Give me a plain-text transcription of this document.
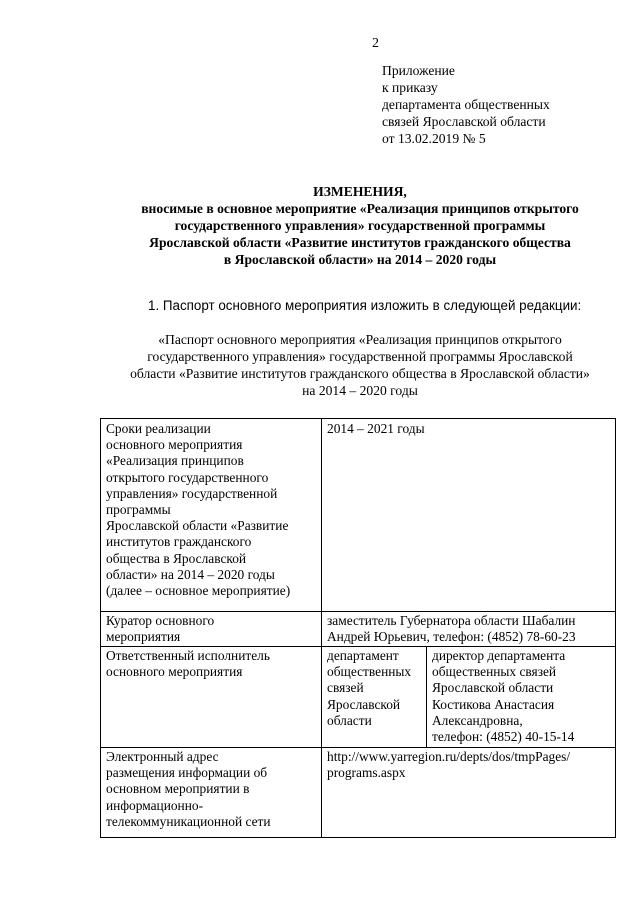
2
Приложение
к приказу
департамента общественных
связей Ярославской области
от 13.02.2019 № 5
ИЗМЕНЕНИЯ,
вносимые в основное мероприятие «Реализация принципов открытого
государственного управления» государственной программы
Ярославской области «Развитие институтов гражданского общества
в Ярославской области» на 2014 – 2020 годы
1. Паспорт основного мероприятия изложить в следующей редакции:
«Паспорт основного мероприятия «Реализация принципов открытого
государственного управления» государственной программы Ярославской
области «Развитие институтов гражданского общества в Ярославской области»
на 2014 – 2020 годы
Сроки реализации
основного мероприятия
«Реализация принципов
открытого государственного
управления» государственной
программы
Ярославской области «Развитие
институтов гражданского
общества в Ярославской
области» на 2014 – 2020 годы
(далее – основное мероприятие)
2014 – 2021 годы
Куратор основного
мероприятия
заместитель Губернатора области Шабалин
Андрей Юрьевич, телефон: (4852) 78-60-23
Ответственный исполнитель
основного мероприятия
департамент
общественных
связей
Ярославской
области
директор департамента
общественных связей
Ярославской области
Костикова Анастасия
Александровна,
телефон: (4852) 40-15-14
Электронный адрес
размещения информации об
основном мероприятии в
информационно-
телекоммуникационной сети
http://www.yarregion.ru/depts/dos/tmpPages/
programs.aspx
